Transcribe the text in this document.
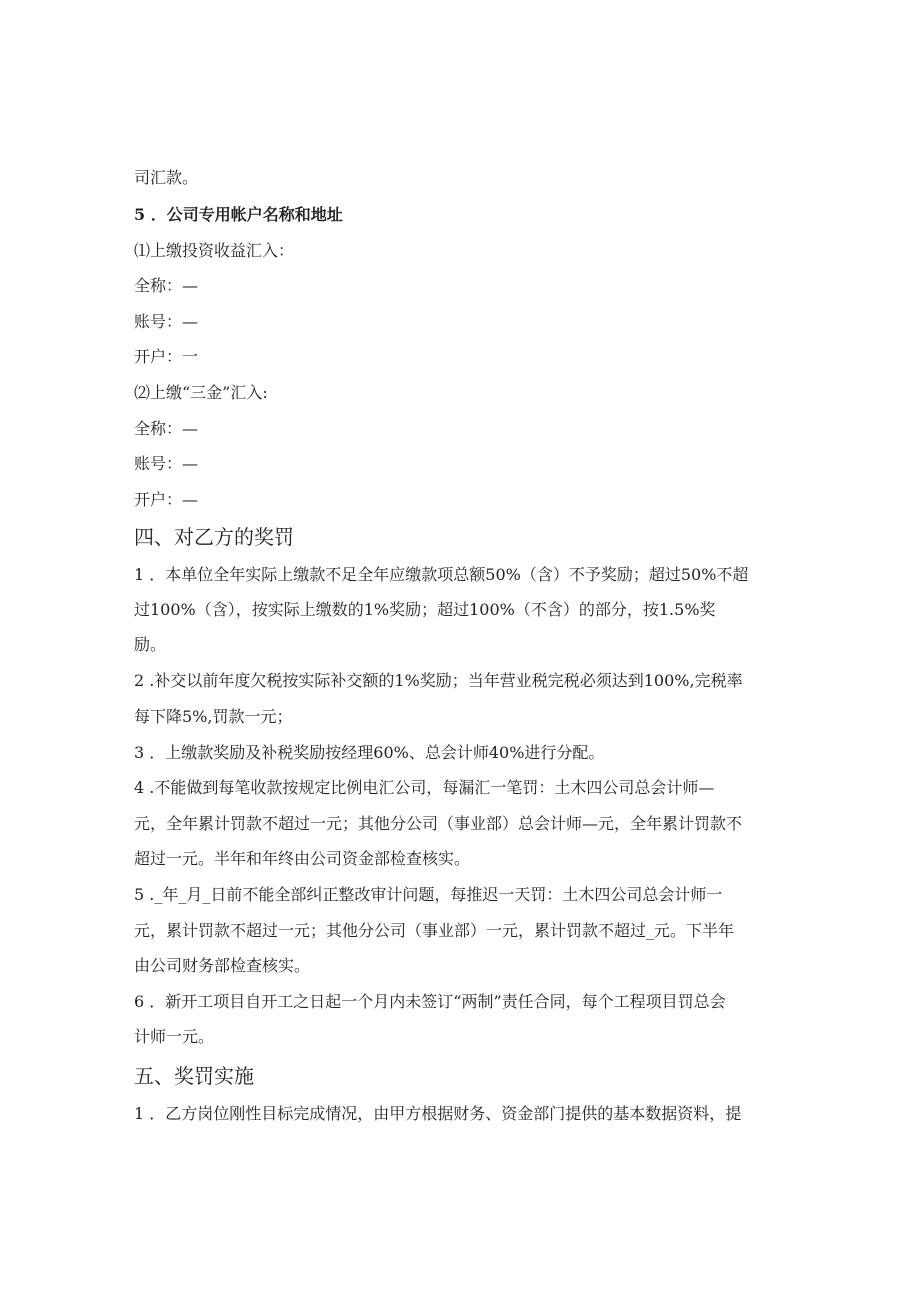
司汇款。

5 ．公司专用帐户名称和地址

⑴上缴投资收益汇入：

全称：—

账号：—

开户：一

⑵上缴“三金”汇入:

全称：—

账号：—

开户：—

四、对乙方的奖罚

1 ．本单位全年实际上缴款不足全年应缴款项总额50%（含）不予奖励；超过50%不超

过100%（含），按实际上缴数的1%奖励；超过100%（不含）的部分，按1.5%奖

励。

2 .补交以前年度欠税按实际补交额的1%奖励；当年营业税完税必须达到100%,完税率

每下降5%,罚款一元；

3 ．上缴款奖励及补税奖励按经理60%、总会计师40%进行分配。

4 .不能做到每笔收款按规定比例电汇公司，每漏汇一笔罚：土木四公司总会计师—

元，全年累计罚款不超过一元；其他分公司（事业部）总会计师—元，全年累计罚款不

超过一元。半年和年终由公司资金部检查核实。

5 ._年_月_日前不能全部纠正整改审计问题，每推迟一天罚：土木四公司总会计师一

元，累计罚款不超过一元；其他分公司（事业部）一元，累计罚款不超过_元。下半年

由公司财务部检查核实。

6 ．新开工项目自开工之日起一个月内未签订“两制”责任合同，每个工程项目罚总会

计师一元。

五、奖罚实施

1 ．乙方岗位刚性目标完成情况，由甲方根据财务、资金部门提供的基本数据资料，提
